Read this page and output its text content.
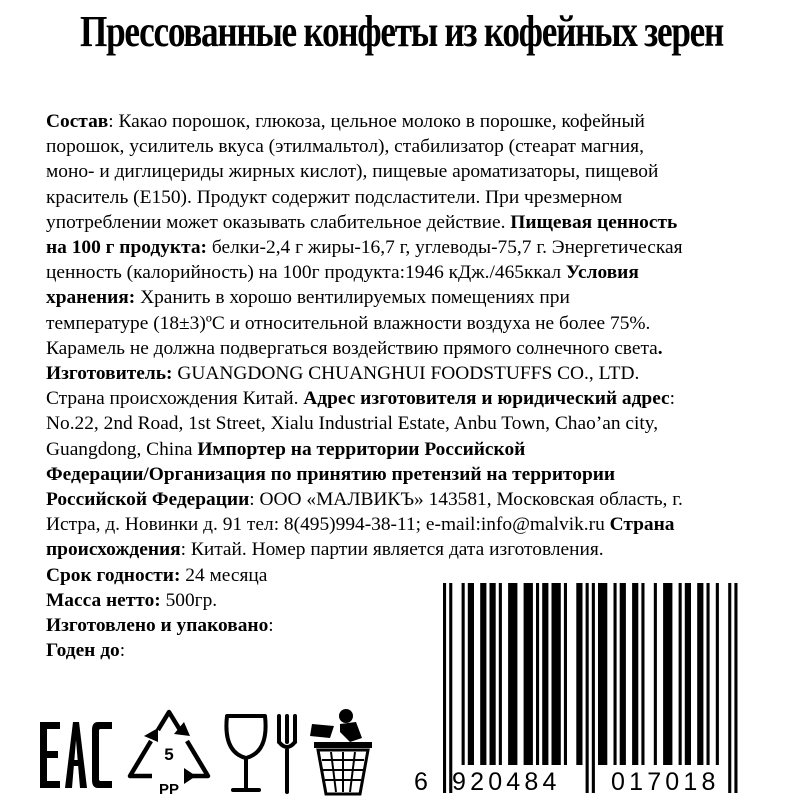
Прессованные конфеты из кофейных зерен
Состав: Какао порошок, глюкоза, цельное молоко в порошке, кофейный
порошок, усилитель вкуса (этилмальтол), стабилизатор (стеарат магния,
моно- и диглицериды жирных кислот), пищевые ароматизаторы, пищевой
краситель (Е150). Продукт содержит подсластители. При чрезмерном
употреблении может оказывать слабительное действие. Пищевая ценность
на 100 г продукта: белки-2,4 г жиры-16,7 г, углеводы-75,7 г. Энергетическая
ценность (калорийность) на 100г продукта:1946 кДж./465ккал Условия
хранения: Хранить в хорошо вентилируемых помещениях при
температуре (18±3)ºС и относительной влажности воздуха не более 75%.
Карамель не должна подвергаться воздействию прямого солнечного света.
Изготовитель: GUANGDONG CHUANGHUI FOODSTUFFS CO., LTD.
Страна происхождения Китай. Адрес изготовителя и юридический адрес:
No.22, 2nd Road, 1st Street, Xialu Industrial Estate, Anbu Town, Chao’an city,
Guangdong, China Импортер на территории Российской
Федерации/Организация по принятию претензий на территории
Российской Федерации: ООО «МАЛВИКЪ» 143581, Московская область, г.
Истра, д. Новинки д. 91 тел: 8(495)994-38-11; e-mail:info@malvik.ru Страна
происхождения: Китай. Номер партии является дата изготовления.
Срок годности: 24 месяца
Масса нетто: 500гр.
Изготовлено и упаковано:
Годен до:
5
PP	6 920484 017018
